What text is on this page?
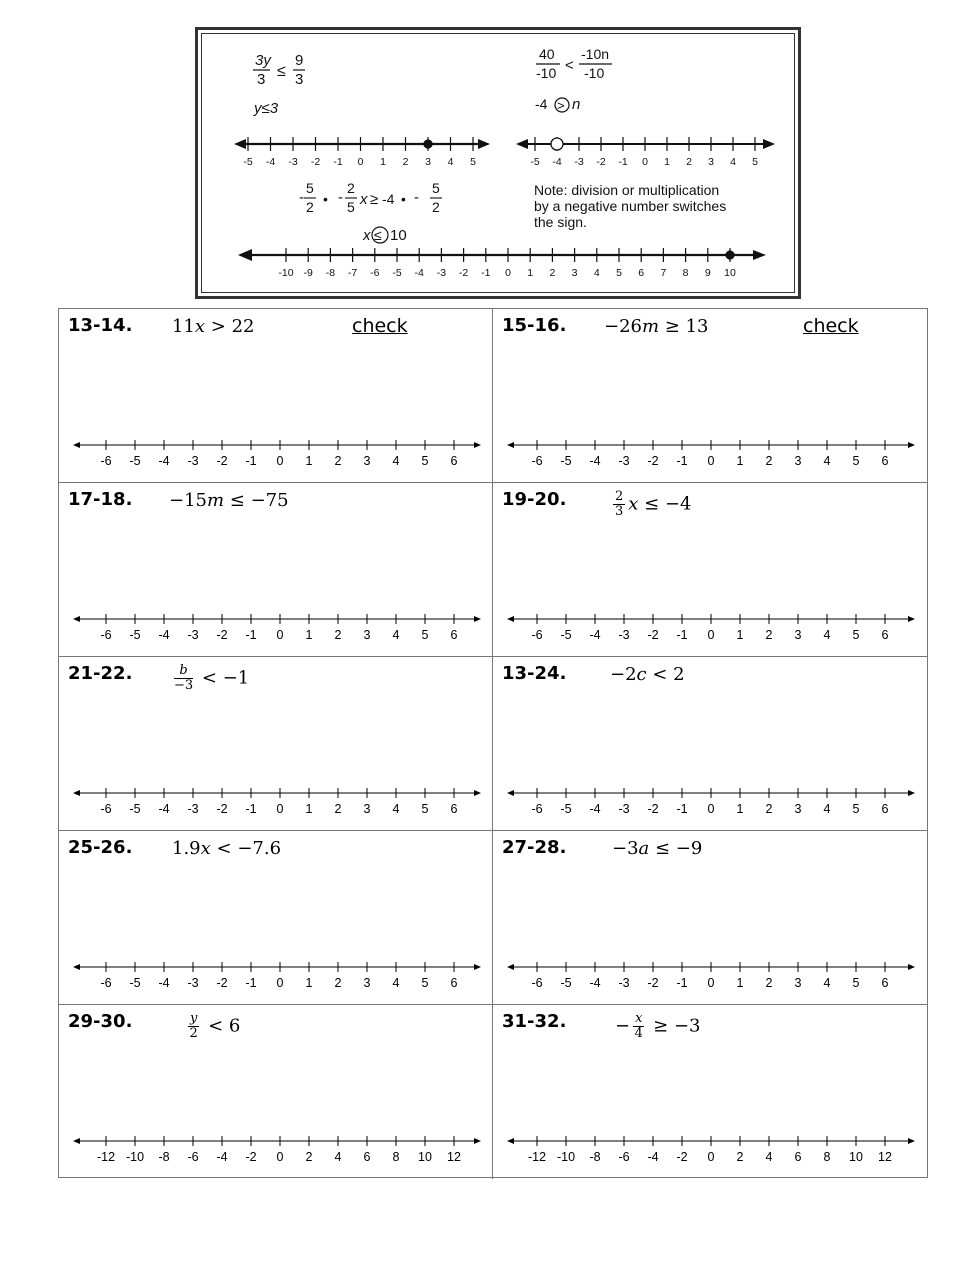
3y
3 ≤
9
3
y≤3
40
-10 <
-10n
-10
-4 > n
-5 -4 -3 -2 -1 0 1 2 3 4 5	-5 -4 -3 -2 -1 0 1 2 3 4 5
-
5
2 • -
2
5 x ≥ -4 • -
5
2
x ≤ 10
Note: division or multiplication
by a negative number switches
the sign.
-10 -9 -8 -7 -6 -5 -4 -3 -2 -1 0 1 2 3 4 5 6 7 8 9 10
13-14. 11x > 22	check
-6 -5 -4 -3 -2 -1 0 1 2 3 4 5 6
15-16. −26m ≥ 13	check
-6 -5 -4 -3 -2 -1 0 1 2 3 4 5 6
17-18. −15m ≤ −75
-6 -5 -4 -3 -2 -1 0 1 2 3 4 5 6
19-20.	$\frac{2}{3}$ x ≤ −4
-6 -5 -4 -3 -2 -1 0 1 2 3 4 5 6
21-22.	$\frac{b}{-3} < -1$
-6 -5 -4 -3 -2 -1 0 1 2 3 4 5 6
13-24. −2c < 2
-6 -5 -4 -3 -2 -1 0 1 2 3 4 5 6
25-26. 1.9x < −7.6
-6 -5 -4 -3 -2 -1 0 1 2 3 4 5 6
27-28.	−3a ≤ −9
-6 -5 -4 -3 -2 -1 0 1 2 3 4 5 6
29-30.	$\frac{y}{2} < 6$
-12 -10 -8 -6 -4 -2 0 2 4 6 8 10 12
31-32.	− $\frac{x}{4} \ge -3$
-12 -10 -8 -6 -4 -2 0 2 4 6 8 10 12
